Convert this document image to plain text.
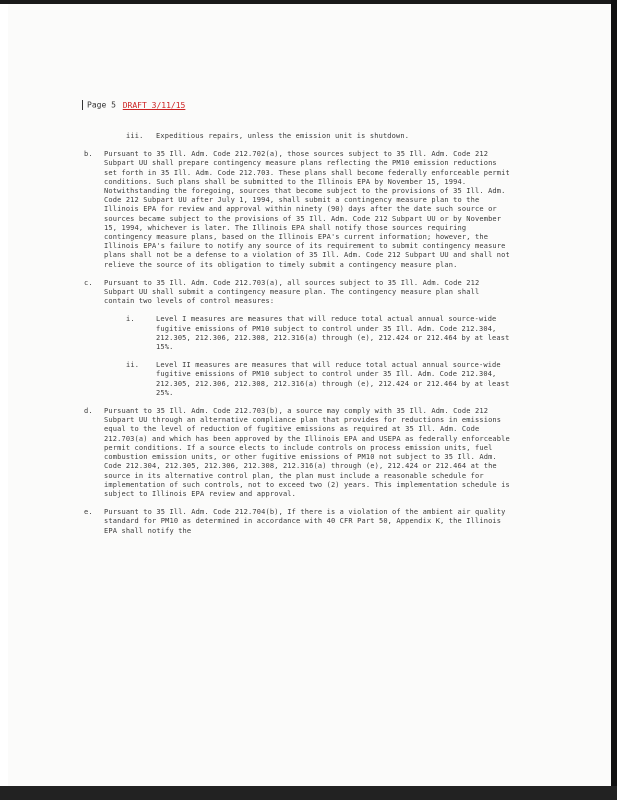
Page 5 DRAFT 3/11/15
iii. Expeditious repairs, unless the emission unit is shutdown.

b. Pursuant to 35 Ill. Adm. Code 212.702(a), those sources subject to 35 Ill. Adm. Code 212 Subpart UU shall prepare contingency measure plans reflecting the PM10 emission reductions set forth in 35 Ill. Adm. Code 212.703. These plans shall become federally enforceable permit conditions. Such plans shall be submitted to the Illinois EPA by November 15, 1994. Notwithstanding the foregoing, sources that become subject to the provisions of 35 Ill. Adm. Code 212 Subpart UU after July 1, 1994, shall submit a contingency measure plan to the Illinois EPA for review and approval within ninety (90) days after the date such source or sources became subject to the provisions of 35 Ill. Adm. Code 212 Subpart UU or by November 15, 1994, whichever is later. The Illinois EPA shall notify those sources requiring contingency measure plans, based on the Illinois EPA's current information; however, the Illinois EPA's failure to notify any source of its requirement to submit contingency measure plans shall not be a defense to a violation of 35 Ill. Adm. Code 212 Subpart UU and shall not relieve the source of its obligation to timely submit a contingency measure plan.

c. Pursuant to 35 Ill. Adm. Code 212.703(a), all sources subject to 35 Ill. Adm. Code 212 Subpart UU shall submit a contingency measure plan. The contingency measure plan shall contain two levels of control measures:

i.	Level I measures are measures that will reduce total actual annual source-wide fugitive emissions of PM10 subject to control under 35 Ill. Adm. Code 212.304, 212.305, 212.306, 212.308, 212.316(a) through (e), 212.424 or 212.464 by at least 15%.

ii. Level II measures are measures that will reduce total actual annual source-wide fugitive emissions of PM10 subject to control under 35 Ill. Adm. Code 212.304, 212.305, 212.306, 212.308, 212.316(a) through (e), 212.424 or 212.464 by at least 25%.

d. Pursuant to 35 Ill. Adm. Code 212.703(b), a source may comply with 35 Ill. Adm. Code 212 Subpart UU through an alternative compliance plan that provides for reductions in emissions equal to the level of reduction of fugitive emissions as required at 35 Ill. Adm. Code 212.703(a) and which has been approved by the Illinois EPA and USEPA as federally enforceable permit conditions. If a source elects to include controls on process emission units, fuel combustion emission units, or other fugitive emissions of PM10 not subject to 35 Ill. Adm. Code 212.304, 212.305, 212.306, 212.308, 212.316(a) through (e), 212.424 or 212.464 at the source in its alternative control plan, the plan must include a reasonable schedule for implementation of such controls, not to exceed two (2) years. This implementation schedule is subject to Illinois EPA review and approval.

e. Pursuant to 35 Ill. Adm. Code 212.704(b), If there is a violation of the ambient air quality standard for PM10 as determined in accordance with 40 CFR Part 50, Appendix K, the Illinois EPA shall notify the
